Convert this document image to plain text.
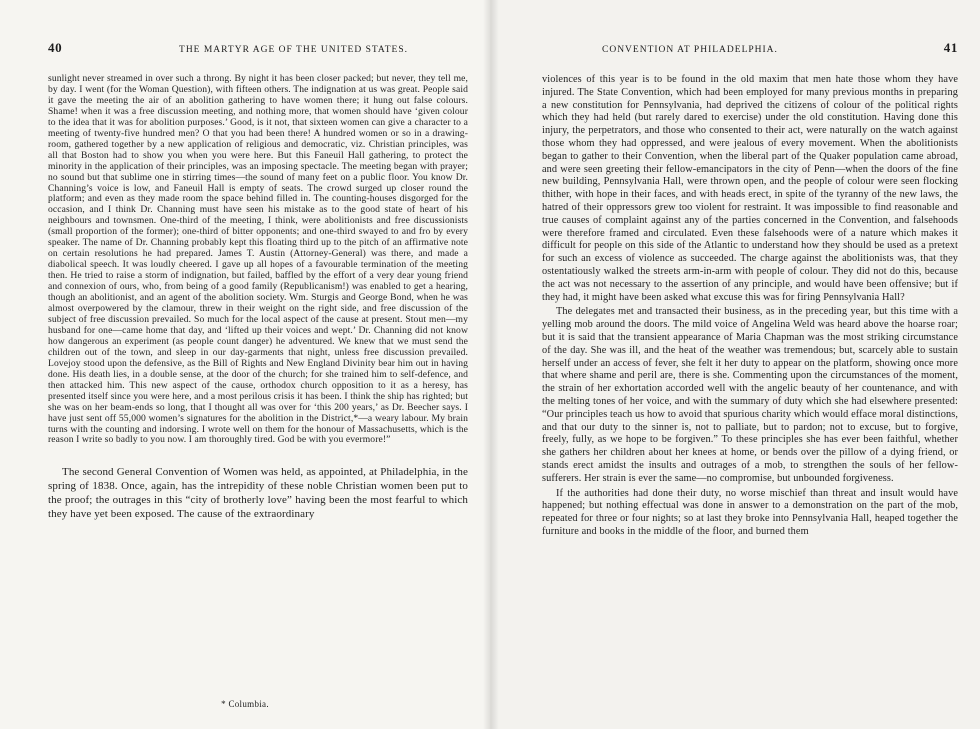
40	THE MARTYR AGE OF THE UNITED STATES.

sunlight never streamed in over such a throng. By night it has been closer packed; but never, they tell me, by day. I went (for the Woman Question), with fifteen others. The indignation at us was great. People said it gave the meeting the air of an abolition gathering to have women there; it hung out false colours. Shame! when it was a free discussion meeting, and nothing more, that women should have ‘given colour to the idea that it was for abolition purposes.’ Good, is it not, that sixteen women can give a character to a meeting of twenty-five hundred men? O that you had been there! A hundred women or so in a drawing-room, gathered together by a new application of religious and democratic, viz. Christian principles, was all that Boston had to show you when you were here. But this Faneuil Hall gathering, to protect the minority in the application of their principles, was an imposing spectacle. The meeting began with prayer; no sound but that sublime one in stirring times—the sound of many feet on a public floor. You know Dr. Channing’s voice is low, and Faneuil Hall is empty of seats. The crowd surged up closer round the platform; and even as they made room the space behind filled in. The counting-houses disgorged for the occasion, and I think Dr. Channing must have seen his mistake as to the good state of heart of his neighbours and townsmen. One-third of the meeting, I think, were abolitionists and free discussionists (small proportion of the former); one-third of bitter opponents; and one-third swayed to and fro by every speaker. The name of Dr. Channing probably kept this floating third up to the pitch of an affirmative note on certain resolutions he had prepared. James T. Austin (Attorney-General) was there, and made a diabolical speech. It was loudly cheered. I gave up all hopes of a favourable termination of the meeting then. He tried to raise a storm of indignation, but failed, baffled by the effort of a very dear young friend and connexion of ours, who, from being of a good family (Republicanism!) was enabled to get a hearing, though an abolitionist, and an agent of the abolition society. Wm. Sturgis and George Bond, when he was almost overpowered by the clamour, threw in their weight on the right side, and free discussion of the subject of free discussion prevailed. So much for the local aspect of the cause at present. Stout men—my husband for one—came home that day, and ‘lifted up their voices and wept.’ Dr. Channing did not know how dangerous an experiment (as people count danger) he adventured. We knew that we must send the children out of the town, and sleep in our day-garments that night, unless free discussion prevailed. Lovejoy stood upon the defensive, as the Bill of Rights and New England Divinity bear him out in having done. His death lies, in a double sense, at the door of the church; for she trained him to self-defence, and then attacked him. This new aspect of the cause, orthodox church opposition to it as a heresy, has presented itself since you were here, and a most perilous crisis it has been. I think the ship has righted; but she was on her beam-ends so long, that I thought all was over for ‘this 200 years,’ as Dr. Beecher says. I have just sent off 55,000 women’s signatures for the abolition in the District,*—a weary labour. My brain turns with the counting and indorsing. I wrote well on them for the honour of Massachusetts, which is the reason I write so badly to you now. I am thoroughly tired. God be with you evermore!”

The second General Convention of Women was held, as appointed, at Philadelphia, in the spring of 1838. Once, again, has the intrepidity of these noble Christian women been put to the proof; the outrages in this “city of brotherly love” having been the most fearful to which they have yet been exposed. The cause of the extraordinary

* Columbia.
CONVENTION AT PHILADELPHIA.	41

violences of this year is to be found in the old maxim that men hate those whom they have injured. The State Convention, which had been employed for many previous months in preparing a new constitution for Pennsylvania, had deprived the citizens of colour of the political rights which they had held (but rarely dared to exercise) under the old constitution. Having done this injury, the perpetrators, and those who consented to their act, were naturally on the watch against those whom they had oppressed, and were jealous of every movement. When the abolitionists began to gather to their Convention, when the liberal part of the Quaker population came abroad, and were seen greeting their fellow-emancipators in the city of Penn—when the doors of the fine new building, Pennsylvania Hall, were thrown open, and the people of colour were seen flocking thither, with hope in their faces, and with heads erect, in spite of the tyranny of the new laws, the hatred of their oppressors grew too violent for restraint. It was impossible to find reasonable and true causes of complaint against any of the parties concerned in the Convention, and falsehoods were therefore framed and circulated. Even these falsehoods were of a nature which makes it difficult for people on this side of the Atlantic to understand how they should be used as a pretext for such an excess of violence as succeeded. The charge against the abolitionists was, that they ostentatiously walked the streets arm-in-arm with people of colour. They did not do this, because the act was not necessary to the assertion of any principle, and would have been offensive; but if they had, it might have been asked what excuse this was for firing Pennsylvania Hall?

The delegates met and transacted their business, as in the preceding year, but this time with a yelling mob around the doors. The mild voice of Angelina Weld was heard above the hoarse roar; but it is said that the transient appearance of Maria Chapman was the most striking circumstance of the day. She was ill, and the heat of the weather was tremendous; but, scarcely able to sustain herself under an access of fever, she felt it her duty to appear on the platform, showing once more that where shame and peril are, there is she. Commenting upon the circumstances of the moment, the strain of her exhortation accorded well with the angelic beauty of her countenance, and with the melting tones of her voice, and with the summary of duty which she had elsewhere presented: “Our principles teach us how to avoid that spurious charity which would efface moral distinctions, and that our duty to the sinner is, not to palliate, but to pardon; not to excuse, but to forgive, freely, fully, as we hope to be forgiven.” To these principles she has ever been faithful, whether she gathers her children about her knees at home, or bends over the pillow of a dying friend, or stands erect amidst the insults and outrages of a mob, to strengthen the souls of her fellow-sufferers. Her strain is ever the same—no compromise, but unbounded forgiveness.

If the authorities had done their duty, no worse mischief than threat and insult would have happened; but nothing effectual was done in answer to a demonstration on the part of the mob, repeated for three or four nights; so at last they broke into Pennsylvania Hall, heaped together the furniture and books in the middle of the floor, and burned them
